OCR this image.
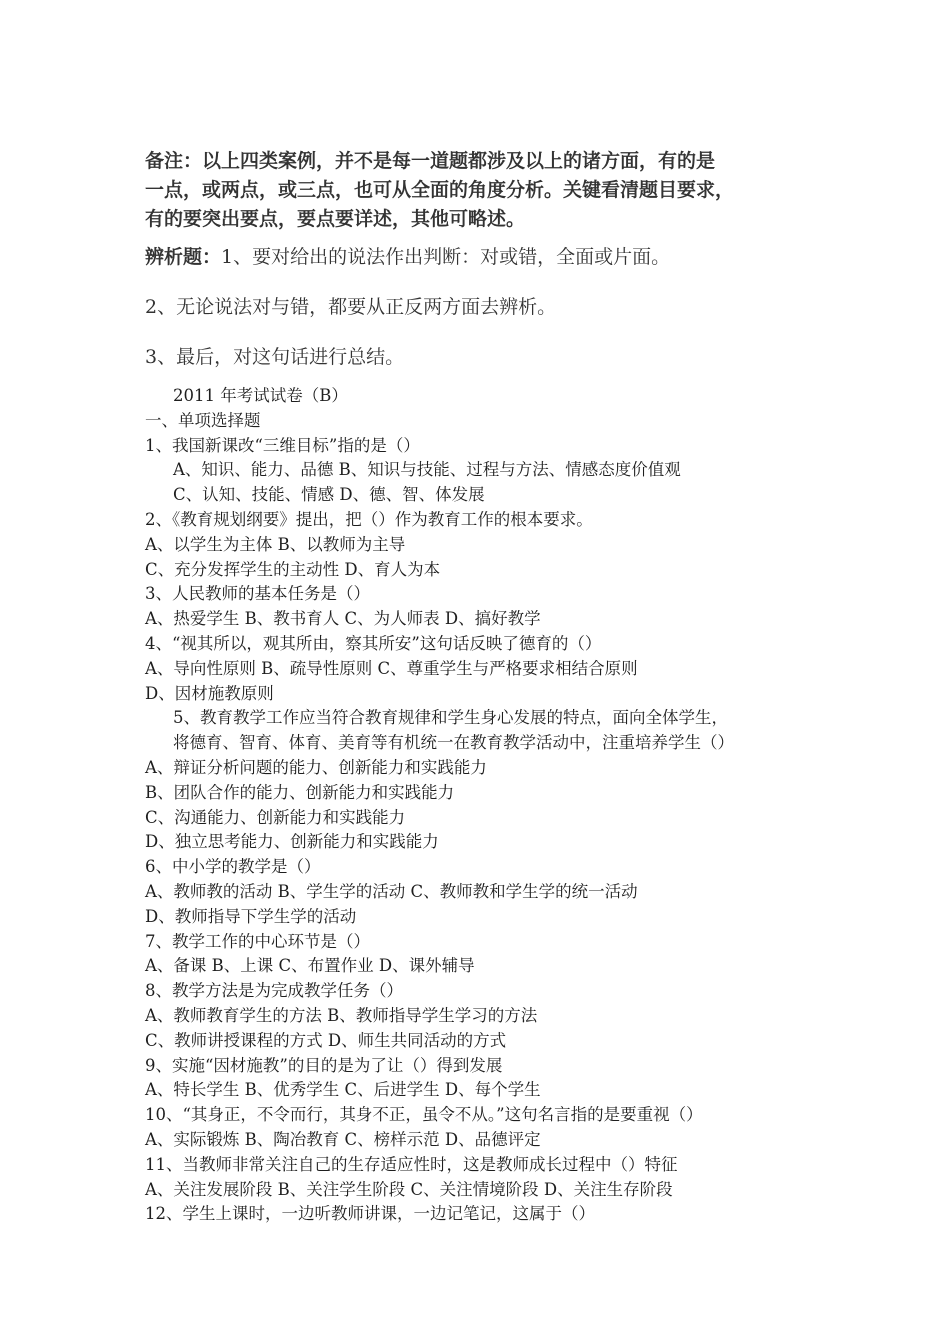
备注：以上四类案例，并不是每一道题都涉及以上的诸方面，有的是

一点，或两点，或三点，也可从全面的角度分析。关键看清题目要求，

有的要突出要点，要点要详述，其他可略述。

辨析题：1、要对给出的说法作出判断：对或错，全面或片面。

2、无论说法对与错，都要从正反两方面去辨析。

3、最后，对这句话进行总结。

2011 年考试试卷（B）

一、单项选择题

1、我国新课改“三维目标”指的是（）

A、知识、能力、品德 B、知识与技能、过程与方法、情感态度价值观

C、认知、技能、情感 D、德、智、体发展

2、《教育规划纲要》提出，把（）作为教育工作的根本要求。

A、以学生为主体 B、以教师为主导

C、充分发挥学生的主动性 D、育人为本

3、人民教师的基本任务是（）

A、热爱学生 B、教书育人 C、为人师表 D、搞好教学

4、“视其所以，观其所由，察其所安”这句话反映了德育的（）

A、导向性原则 B、疏导性原则 C、尊重学生与严格要求相结合原则

D、因材施教原则

5、教育教学工作应当符合教育规律和学生身心发展的特点，面向全体学生，

将德育、智育、体育、美育等有机统一在教育教学活动中，注重培养学生（）

A、辩证分析问题的能力、创新能力和实践能力

B、团队合作的能力、创新能力和实践能力

C、沟通能力、创新能力和实践能力

D、独立思考能力、创新能力和实践能力

6、中小学的教学是（）

A、教师教的活动 B、学生学的活动 C、教师教和学生学的统一活动

D、教师指导下学生学的活动

7、教学工作的中心环节是（）

A、备课 B、上课 C、布置作业 D、课外辅导

8、教学方法是为完成教学任务（）

A、教师教育学生的方法 B、教师指导学生学习的方法

C、教师讲授课程的方式 D、师生共同活动的方式

9、实施“因材施教”的目的是为了让（）得到发展

A、特长学生 B、优秀学生 C、后进学生 D、每个学生

10、“其身正，不令而行，其身不正，虽令不从。”这句名言指的是要重视（）

A、实际锻炼 B、陶冶教育 C、榜样示范 D、品德评定

11、当教师非常关注自己的生存适应性时，这是教师成长过程中（）特征

A、关注发展阶段 B、关注学生阶段 C、关注情境阶段 D、关注生存阶段

12、学生上课时，一边听教师讲课，一边记笔记，这属于（）
